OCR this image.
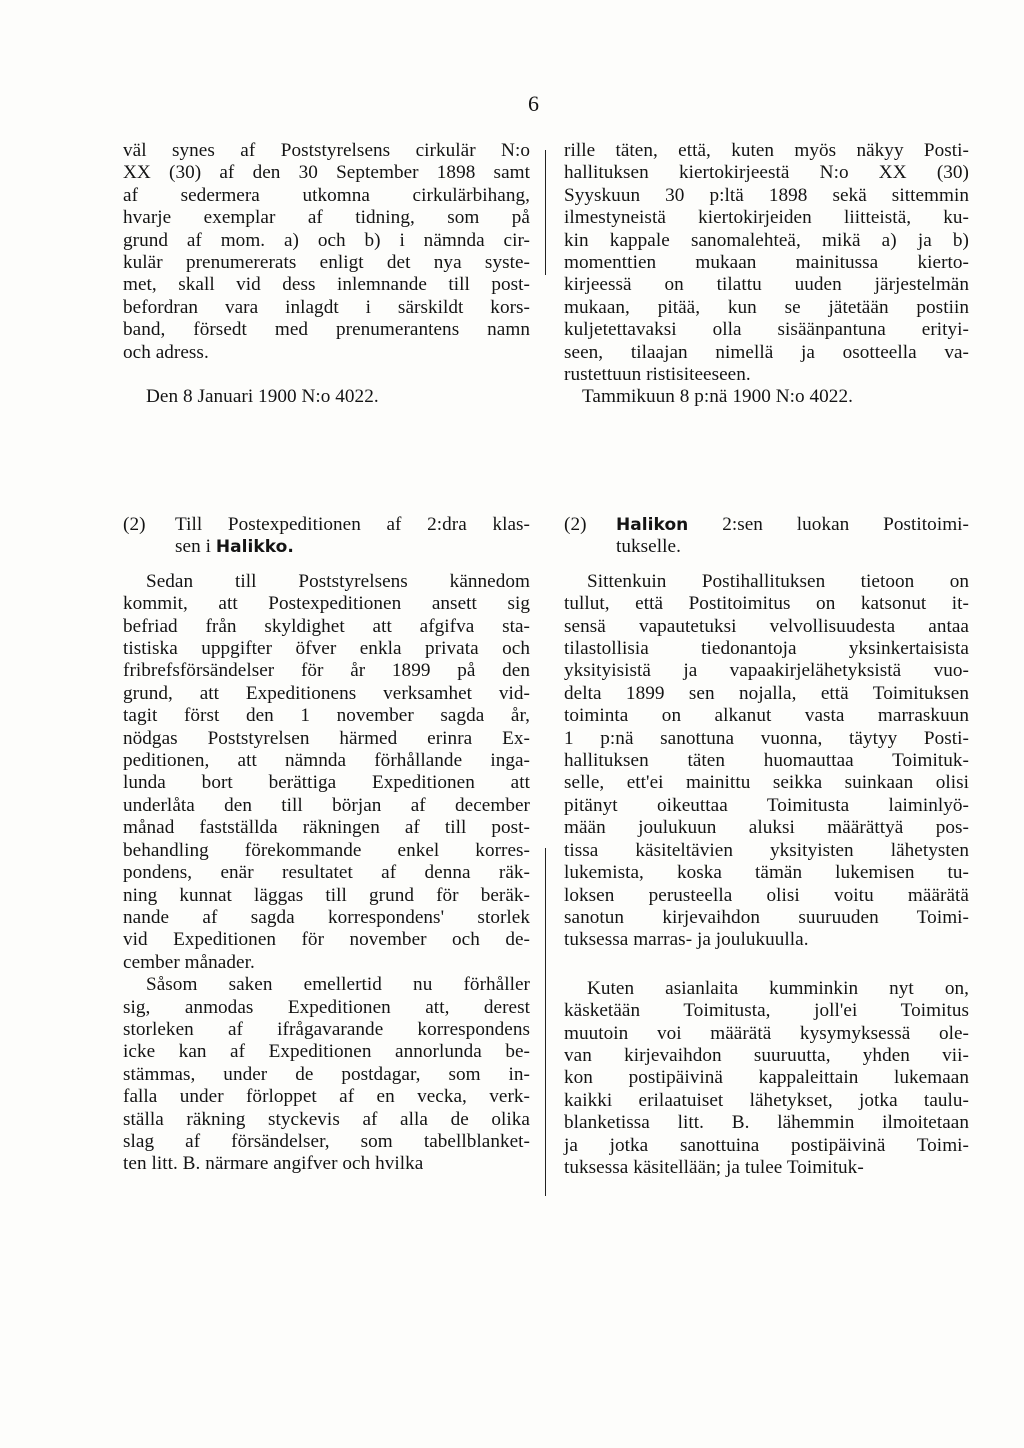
6

väl synes af Poststyrelsens cirkulär N:o
XX (30) af den 30 September 1898 samt
af sedermera utkomna cirkulärbihang,
hvarje exemplar af tidning, som på
grund af mom. a) och b) i nämnda cir-
kulär prenumererats enligt det nya syste-
met, skall vid dess inlemnande till post-
befordran vara inlagdt i särskildt kors-
band, försedt med prenumerantens namn
och adress.

Den 8 Januari 1900 N:o 4022.

rille täten, että, kuten myös näkyy Posti-
hallituksen kiertokirjeestä N:o XX (30)
Syyskuun 30 p:ltä 1898 sekä sittemmin
ilmestyneistä kiertokirjeiden liitteistä, ku-
kin kappale sanomalehteä, mikä a) ja b)
momenttien mukaan mainitussa kierto-
kirjeessä on tilattu uuden järjestelmän
mukaan, pitää, kun se jätetään postiin
kuljetettavaksi olla sisäänpantuna erityi-
seen, tilaajan nimellä ja osotteella va-
rustettuun ristisiteeseen.

Tammikuun 8 p:nä 1900 N:o 4022.

(2)	Till Postexpeditionen af 2:dra klas-
sen i Halikko.

Sedan till Poststyrelsens kännedom
kommit, att Postexpeditionen ansett sig
befriad från skyldighet att afgifva sta-
tistiska uppgifter öfver enkla privata och
fribrefsförsändelser för år 1899 på den
grund, att Expeditionens verksamhet vid-
tagit först den 1 november sagda år,
nödgas Poststyrelsen härmed erinra Ex-
peditionen, att nämnda förhållande inga-
lunda bort berättiga Expeditionen att
underlåta den till början af december
månad fastställda räkningen af till post-
behandling förekommande enkel korres-
pondens, enär resultatet af denna räk-
ning kunnat läggas till grund för beräk-
nande af sagda korrespondens' storlek
vid Expeditionen för november och de-
cember månader.

Såsom saken emellertid nu förhåller
sig, anmodas Expeditionen att, derest
storleken af ifrågavarande korrespondens
icke kan af Expeditionen annorlunda be-
stämmas, under de postdagar, som in-
falla under förloppet af en vecka, verk-
ställa räkning styckevis af alla de olika
slag af försändelser, som tabellblanket-
ten litt. B. närmare angifver och hvilka

(2)	Halikon 2:sen luokan Postitoimi-
tukselle.

Sittenkuin Postihallituksen tietoon on
tullut, että Postitoimitus on katsonut it-
sensä vapautetuksi velvollisuudesta antaa
tilastollisia tiedonantoja yksinkertaisista
yksityisistä ja vapaakirjelähetyksistä vuo-
delta 1899 sen nojalla, että Toimituksen
toiminta on alkanut vasta marraskuun
1 p:nä sanottuna vuonna, täytyy Posti-
hallituksen täten huomauttaa Toimituk-
selle, ett'ei mainittu seikka suinkaan olisi
pitänyt oikeuttaa Toimitusta laiminlyö-
mään joulukuun aluksi määrättyä pos-
tissa käsiteltävien yksityisten lähetysten
lukemista, koska tämän lukemisen tu-
loksen perusteella olisi voitu määrätä
sanotun kirjevaihdon suuruuden Toimi-
tuksessa marras- ja joulukuulla.

Kuten asianlaita kumminkin nyt on,
käsketään Toimitusta, joll'ei Toimitus
muutoin voi määrätä kysymyksessä ole-
van kirjevaihdon suuruutta, yhden vii-
kon postipäivinä kappaleittain lukemaan
kaikki erilaatuiset lähetykset, jotka taulu-
blanketissa litt. B. lähemmin ilmoitetaan
ja jotka sanottuina postipäivinä Toimi-
tuksessa käsitellään; ja tulee Toimituk-
